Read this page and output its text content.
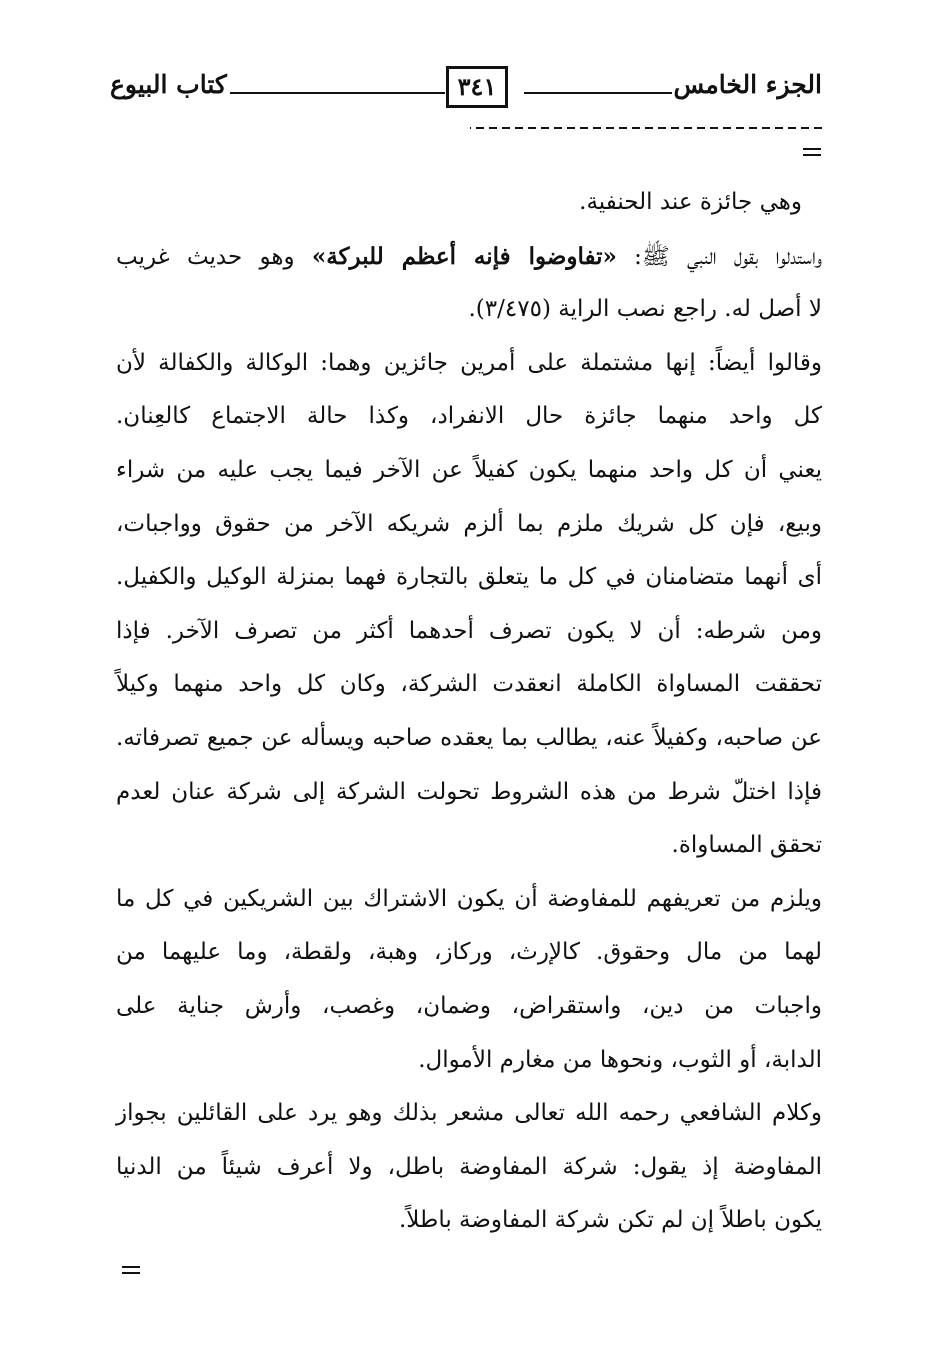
الجزء الخامس
٣٤١
كتاب البيوع
وهي جائزة عند الحنفية.
واستدلوا بقول النبي ﷺ: «تفاوضوا فإنه أعظم للبركة» وهو حديث غريب
لا أصل له. راجع نصب الراية (٣/٤٧٥).
وقالوا أيضاً: إنها مشتملة على أمرين جائزين وهما: الوكالة والكفالة لأن
كل واحد منهما جائزة حال الانفراد، وكذا حالة الاجتماع كالعِنان.
يعني أن كل واحد منهما يكون كفيلاً عن الآخر فيما يجب عليه من شراء
وبيع، فإن كل شريك ملزم بما ألزم شريكه الآخر من حقوق وواجبات،
أى أنهما متضامنان في كل ما يتعلق بالتجارة فهما بمنزلة الوكيل والكفيل.
ومن شرطه: أن لا يكون تصرف أحدهما أكثر من تصرف الآخر. فإذا
تحققت المساواة الكاملة انعقدت الشركة، وكان كل واحد منهما وكيلاً
عن صاحبه، وكفيلاً عنه، يطالب بما يعقده صاحبه ويسأله عن جميع تصرفاته.
فإذا اختلّ شرط من هذه الشروط تحولت الشركة إلى شركة عنان لعدم
تحقق المساواة.
ويلزم من تعريفهم للمفاوضة أن يكون الاشتراك بين الشريكين في كل ما
لهما من مال وحقوق. كالإرث، وركاز، وهبة، ولقطة، وما عليهما من
واجبات من دين، واستقراض، وضمان، وغصب، وأرش جناية على
الدابة، أو الثوب، ونحوها من مغارم الأموال.
وكلام الشافعي رحمه الله تعالى مشعر بذلك وهو يرد على القائلين بجواز
المفاوضة إذ يقول: شركة المفاوضة باطل، ولا أعرف شيئاً من الدنيا
يكون باطلاً إن لم تكن شركة المفاوضة باطلاً.
